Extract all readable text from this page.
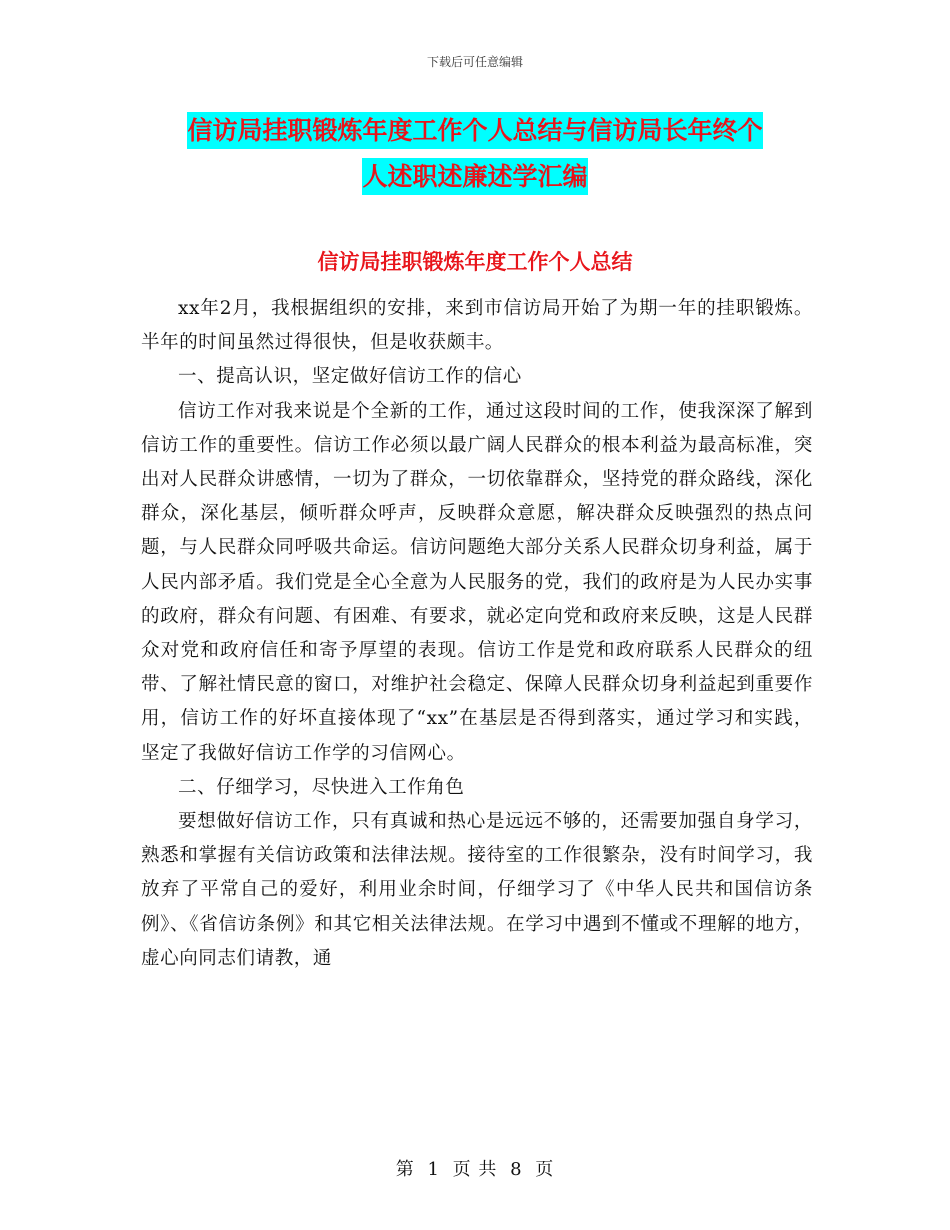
下载后可任意编辑
信访局挂职锻炼年度工作个人总结与信访局长年终个
人述职述廉述学汇编
信访局挂职锻炼年度工作个人总结

xx年2月，我根据组织的安排，来到市信访局开始了为期一年的挂职锻炼。半年的时间虽然过得很快，但是收获颇丰。

一、提高认识，坚定做好信访工作的信心

信访工作对我来说是个全新的工作，通过这段时间的工作，使我深深了解到信访工作的重要性。信访工作必须以最广阔人民群众的根本利益为最高标准，突出对人民群众讲感情，一切为了群众，一切依靠群众，坚持党的群众路线，深化群众，深化基层，倾听群众呼声，反映群众意愿，解决群众反映强烈的热点问题，与人民群众同呼吸共命运。信访问题绝大部分关系人民群众切身利益，属于人民内部矛盾。我们党是全心全意为人民服务的党，我们的政府是为人民办实事的政府，群众有问题、有困难、有要求，就必定向党和政府来反映，这是人民群众对党和政府信任和寄予厚望的表现。信访工作是党和政府联系人民群众的纽带、了解社情民意的窗口，对维护社会稳定、保障人民群众切身利益起到重要作用，信访工作的好坏直接体现了“xx”在基层是否得到落实，通过学习和实践，坚定了我做好信访工作学的习信网心。

二、仔细学习，尽快进入工作角色

要想做好信访工作，只有真诚和热心是远远不够的，还需要加强自身学习，熟悉和掌握有关信访政策和法律法规。接待室的工作很繁杂，没有时间学习，我放弃了平常自己的爱好，利用业余时间，仔细学习了《中华人民共和国信访条例》、《省信访条例》和其它相关法律法规。在学习中遇到不懂或不理解的地方，虚心向同志们请教，通

第 1 页 共 8 页
